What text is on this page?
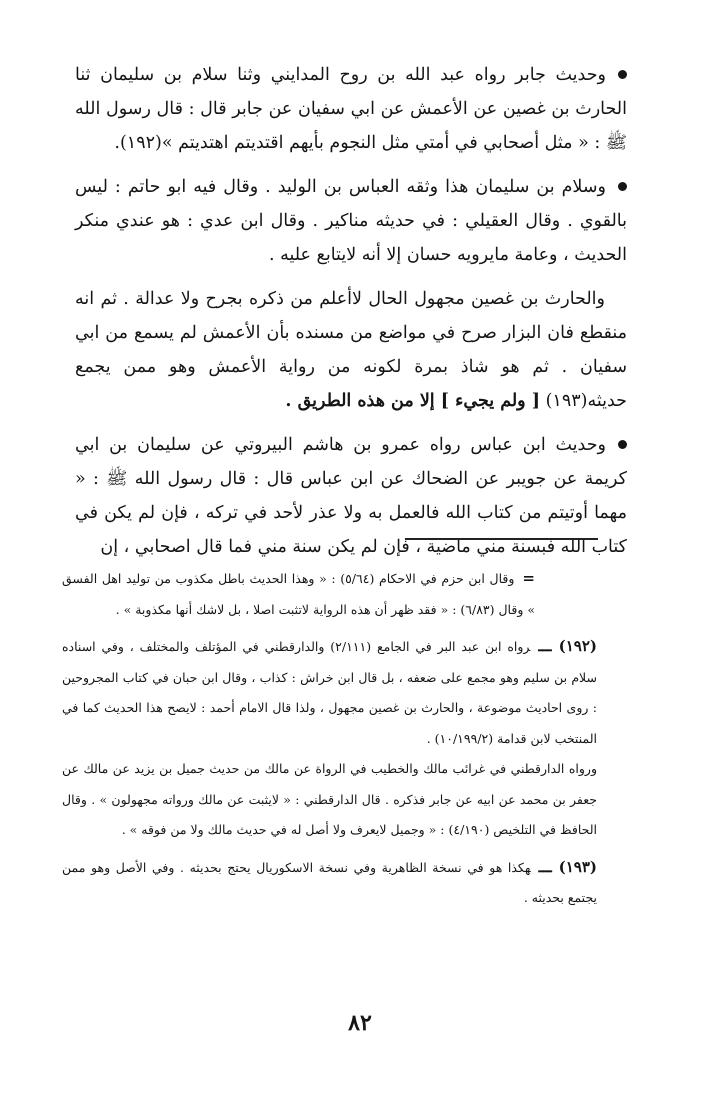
وحديث جابر رواه عبد الله بن روح المدايني وثنا سلام بن سليمان ثنا الحارث بن غصين عن الأعمش عن ابي سفيان عن جابر قال : قال رسول الله ﷺ : « مثل أصحابي في أمتي مثل النجوم بأيهم اقتديتم اهتديتم »(١٩٢).

وسلام بن سليمان هذا وثقه العباس بن الوليد . وقال فيه ابو حاتم : ليس بالقوي . وقال العقيلي : في حديثه مناكير . وقال ابن عدي : هو عندي منكر الحديث ، وعامة مايرويه حسان إلا أنه لايتابع عليه .

والحارث بن غصين مجهول الحال لاأعلم من ذكره بجرح ولا عدالة . ثم انه منقطع فان البزار صرح في مواضع من مسنده بأن الأعمش لم يسمع من ابي سفيان . ثم هو شاذ بمرة لكونه من رواية الأعمش وهو ممن يجمع حديثه(١٩٣) [ ولم يجيء ] إلا من هذه الطريق .

وحديث ابن عباس رواه عمرو بن هاشم البيروتي عن سليمان بن ابي كريمة عن جويبر عن الضحاك عن ابن عباس قال : قال رسول الله ﷺ : « مهما أوتيتم من كتاب الله فالعمل به ولا عذر لأحد في تركه ، فإن لم يكن في كتاب الله فبسنة مني ماضية ، فإن لم يكن سنة مني فما قال اصحابي ، إن

=وقال ابن حزم في الاحكام (٥/٦٤) : « وهذا الحديث باطل مكذوب من توليد اهل الفسق » وقال (٦/٨٣) : « فقد ظهر أن هذه الرواية لاتثبت اصلا ، بل لاشك أنها مكذوبة » .

(١٩٢) ـــرواه ابن عبد البر في الجامع (٢/١١١) والدارقطني في المؤتلف والمختلف ، وفي اسناده سلام بن سليم وهو مجمع على ضعفه ، بل قال ابن خراش : كذاب ، وقال ابن حبان في كتاب المجروحين : روى احاديث موضوعة ، والحارث بن غصين مجهول ، ولذا قال الامام أحمد : لايصح هذا الحديث كما في المنتخب لابن قدامة (١٠/١٩٩/٢) .

ورواه الدارقطني في غرائب مالك والخطيب في الرواة عن مالك من حديث جميل بن يزيد عن مالك عن جعفر بن محمد عن ابيه عن جابر فذكره . قال الدارقطني : « لايثبت عن مالك ورواته مجهولون » . وقال الحافظ في التلخيص (٤/١٩٠) : « وجميل لايعرف ولا أصل له في حديث مالك ولا من فوقه » .

(١٩٣) ـــهكذا هو في نسخة الظاهرية وفي نسخة الاسكوريال يحتج بحديثه . وفي الأصل وهو ممن يجتمع بحديثه .

٨٢
